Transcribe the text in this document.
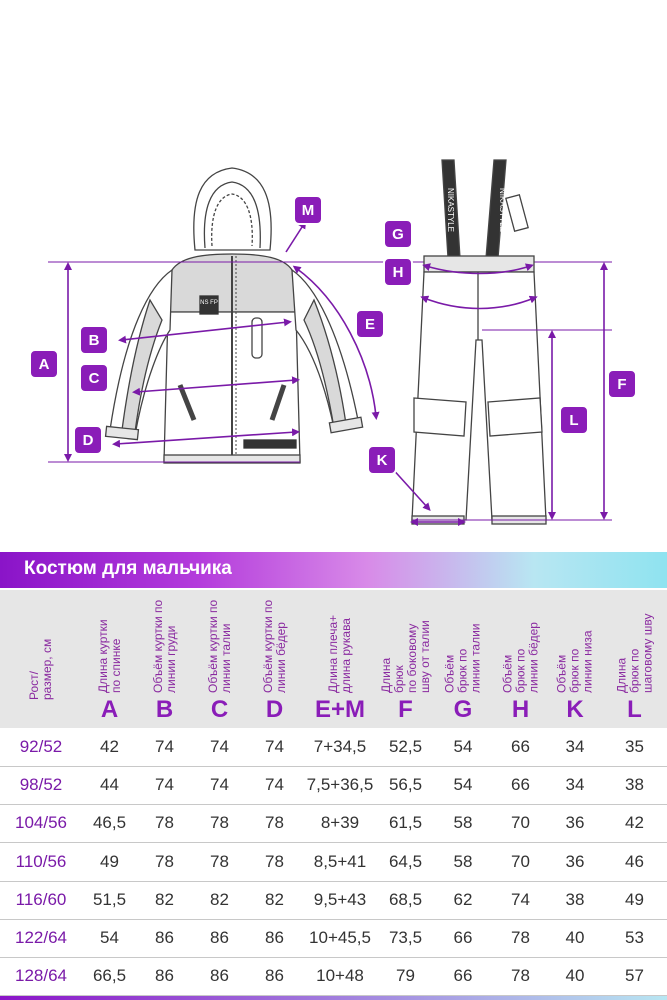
NS FP
NIKASTYLE	NIKASTYLE
A
B
C
D
E
M
G
H
F
L
K
Костюм для мальчика
Рост/
размер, см
Длина куртки
по спинке
A
Объём куртки по
линии груди
B
Объём куртки по
линии талии
C
Объём куртки по
линии бёдер
D
Длина плеча+
длина рукава
E+M
Длина
брюк
по боковому
шву от талии
F
Объём
брюк по
линии талии
G
Объём
брюк по
линии бёдер
H
Объём
брюк по
линии низа
K
Длина
брюк по
шаговому шву
L
92/52	42	74	74	74	7+34,5	52,5	54	66	34	35
98/52	44	74	74	74	7,5+36,5 56,5	54	66	34	38
104/56	46,5	78	78	78	8+39	61,5	58	70	36	42
110/56	49	78	78	78	8,5+41	64,5	58	70	36	46
116/60	51,5	82	82	82	9,5+43	68,5	62	74	38	49
122/64	54	86	86	86	10+45,5	73,5	66	78	40	53
128/64	66,5	86	86	86	10+48	79	66	78	40	57
